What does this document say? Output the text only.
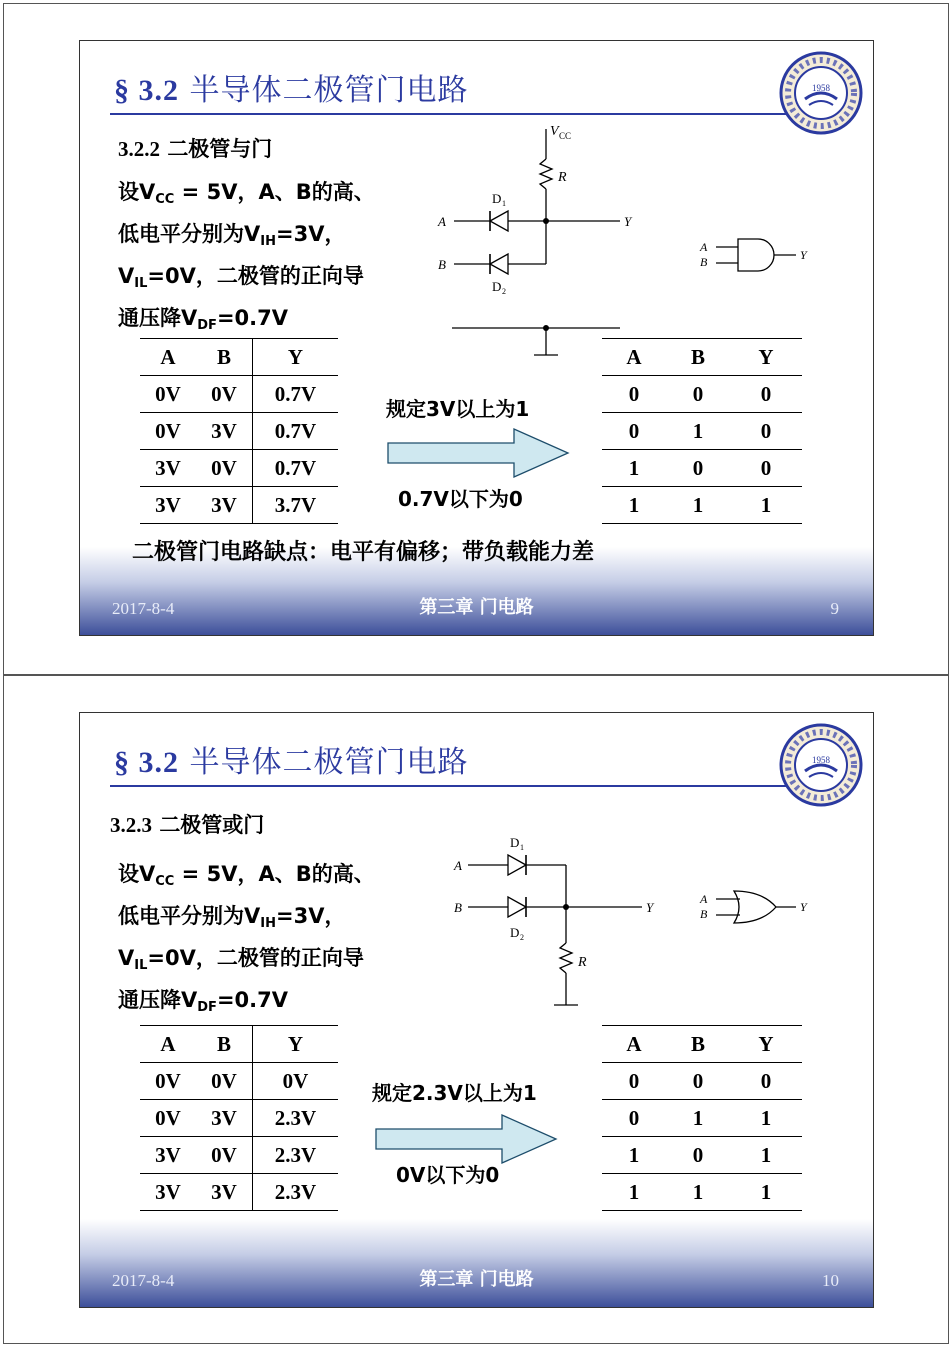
§ 3.2 半导体二极管门电路	1958
3.2.2 二极管与门
设$V_{CC} = 5V$，A、B的高、
低电平分别为$V_{IH}=3V$，
$V_{IL}=0V$，二极管的正向导
通压降$V_{DF}=0.7V$
V CC
R
D 1
D 2
A
B
Y
A
B	Y
A	B	Y
0V	0V	0.7V
0V	3V	0.7V
3V	0V	0.7V
3V	3V	3.7V
规定3V以上为1
0.7V以下为0
A	B	Y
0	0	0
0	1	0
1	0	0
1	1	1
二极管门电路缺点：电平有偏移；带负载能力差
2017-8-4	第三章 门电路	9
§ 3.2 半导体二极管门电路	1958
3.2.3 二极管或门
设$V_{CC} = 5V$，A、B的高、
低电平分别为$V_{IH}=3V$，
$V_{IL}=0V$，二极管的正向导
通压降$V_{DF}=0.7V$
D 1
D 2
A
B	Y
R
A
B	Y
A	B	Y
0V	0V	0V
0V	3V	2.3V
3V	0V	2.3V
3V	3V	2.3V
规定2.3V以上为1
0V以下为0
A	B	Y
0	0	0
0	1	1
1	0	1
1	1	1
2017-8-4	第三章 门电路	10
